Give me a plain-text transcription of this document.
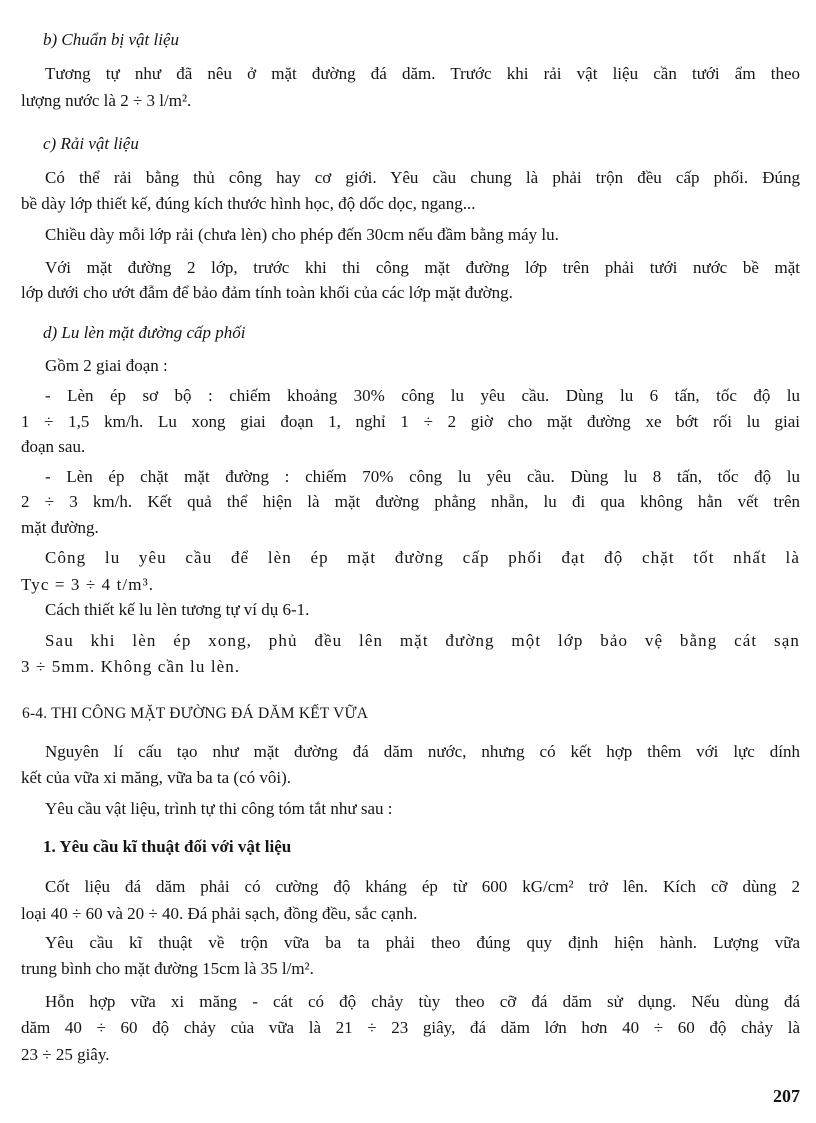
b) Chuẩn bị vật liệu
Tương tự như đã nêu ở mặt đường đá dăm. Trước khi rải vật liệu cần tưới ẩm theo
lượng nước là 2 ÷ 3 l/m².
c) Rải vật liệu
Có thể rải bằng thủ công hay cơ giới. Yêu cầu chung là phải trộn đều cấp phối. Đúng
bề dày lớp thiết kế, đúng kích thước hình học, độ dốc dọc, ngang...
Chiều dày mỗi lớp rải (chưa lèn) cho phép đến 30cm nếu đầm bằng máy lu.
Với mặt đường 2 lớp, trước khi thi công mặt đường lớp trên phải tưới nước bề mặt
lớp dưới cho ướt đẫm để bảo đảm tính toàn khối của các lớp mặt đường.
d) Lu lèn mặt đường cấp phối
Gồm 2 giai đoạn :
- Lèn ép sơ bộ : chiếm khoảng 30% công lu yêu cầu. Dùng lu 6 tấn, tốc độ lu
1 ÷ 1,5 km/h. Lu xong giai đoạn 1, nghỉ 1 ÷ 2 giờ cho mặt đường xe bớt rối lu giai
đoạn sau.
- Lèn ép chặt mặt đường : chiếm 70% công lu yêu cầu. Dùng lu 8 tấn, tốc độ lu
2 ÷ 3 km/h. Kết quả thể hiện là mặt đường phẳng nhẵn, lu đi qua không hằn vết trên
mặt đường.
Công lu yêu cầu để lèn ép mặt đường cấp phối đạt độ chặt tốt nhất là
Tyc = 3 ÷ 4 t/m³.
Cách thiết kế lu lèn tương tự ví dụ 6-1.
Sau khi lèn ép xong, phủ đều lên mặt đường một lớp bảo vệ bằng cát sạn
3 ÷ 5mm. Không cần lu lèn.
6-4. THI CÔNG MẶT ĐƯỜNG ĐÁ DĂM KẾT VỮA
Nguyên lí cấu tạo như mặt đường đá dăm nước, nhưng có kết hợp thêm với lực dính
kết của vữa xi măng, vữa ba ta (có vôi).
Yêu cầu vật liệu, trình tự thi công tóm tắt như sau :
1. Yêu cầu kĩ thuật đối với vật liệu
Cốt liệu đá dăm phải có cường độ kháng ép từ 600 kG/cm² trở lên. Kích cỡ dùng 2
loại 40 ÷ 60 và 20 ÷ 40. Đá phải sạch, đồng đều, sắc cạnh.
Yêu cầu kĩ thuật về trộn vữa ba ta phải theo đúng quy định hiện hành. Lượng vữa
trung bình cho mặt đường 15cm là 35 l/m².
Hỗn hợp vữa xi măng - cát có độ chảy tùy theo cỡ đá dăm sử dụng. Nếu dùng đá
dăm 40 ÷ 60 độ chảy của vữa là 21 ÷ 23 giây, đá dăm lớn hơn 40 ÷ 60 độ chảy là
23 ÷ 25 giây.
207
